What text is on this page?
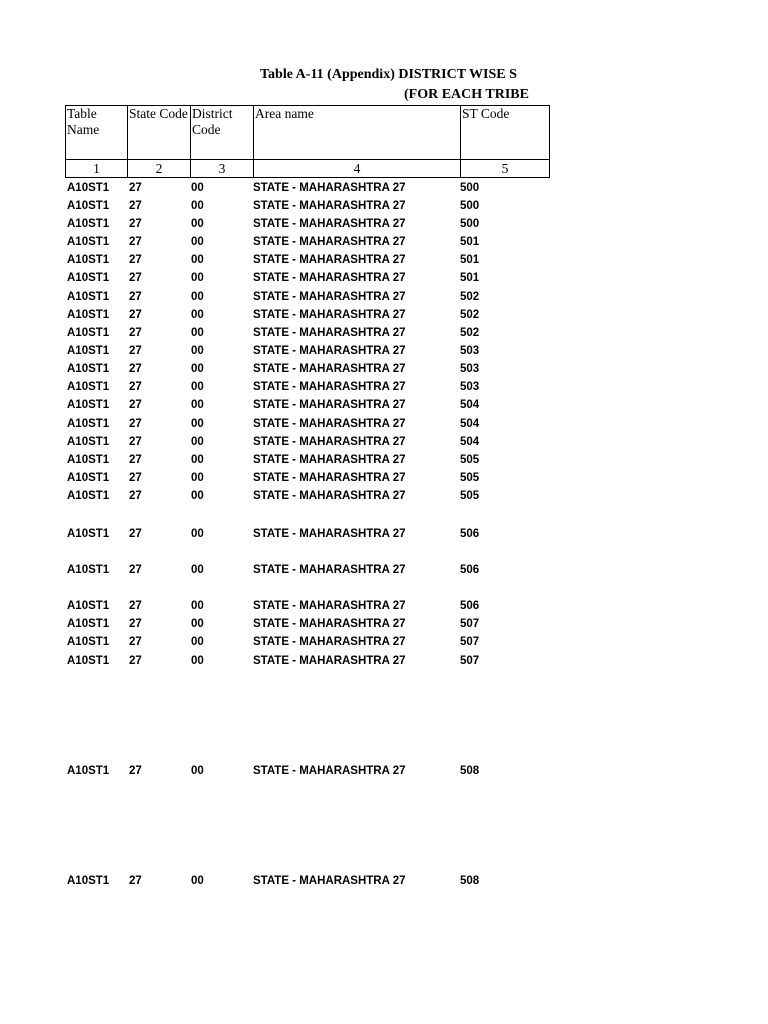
Table A-11 (Appendix) DISTRICT WISE S
(FOR EACH TRIBE
Table Name	State Code	District Code	Area name	ST Code
1	2	3	4	5
A10ST1 27	00	STATE - MAHARASHTRA 27	500
A10ST1 27	00	STATE - MAHARASHTRA 27	500
A10ST1 27	00	STATE - MAHARASHTRA 27	500
A10ST1 27	00	STATE - MAHARASHTRA 27	501
A10ST1 27	00	STATE - MAHARASHTRA 27	501
A10ST1 27	00	STATE - MAHARASHTRA 27	501
A10ST1 27	00	STATE - MAHARASHTRA 27	502
A10ST1 27	00	STATE - MAHARASHTRA 27	502
A10ST1 27	00	STATE - MAHARASHTRA 27	502
A10ST1 27	00	STATE - MAHARASHTRA 27	503
A10ST1 27	00	STATE - MAHARASHTRA 27	503
A10ST1 27	00	STATE - MAHARASHTRA 27	503
A10ST1 27	00	STATE - MAHARASHTRA 27	504
A10ST1 27	00	STATE - MAHARASHTRA 27	504
A10ST1 27	00	STATE - MAHARASHTRA 27	504
A10ST1 27	00	STATE - MAHARASHTRA 27	505
A10ST1 27	00	STATE - MAHARASHTRA 27	505
A10ST1 27	00	STATE - MAHARASHTRA 27	505
A10ST1 27	00	STATE - MAHARASHTRA 27	506
A10ST1 27	00	STATE - MAHARASHTRA 27	506
A10ST1 27	00	STATE - MAHARASHTRA 27	506
A10ST1 27	00	STATE - MAHARASHTRA 27	507
A10ST1 27	00	STATE - MAHARASHTRA 27	507
A10ST1 27	00	STATE - MAHARASHTRA 27	507
A10ST1 27	00	STATE - MAHARASHTRA 27	508
A10ST1 27	00	STATE - MAHARASHTRA 27	508
